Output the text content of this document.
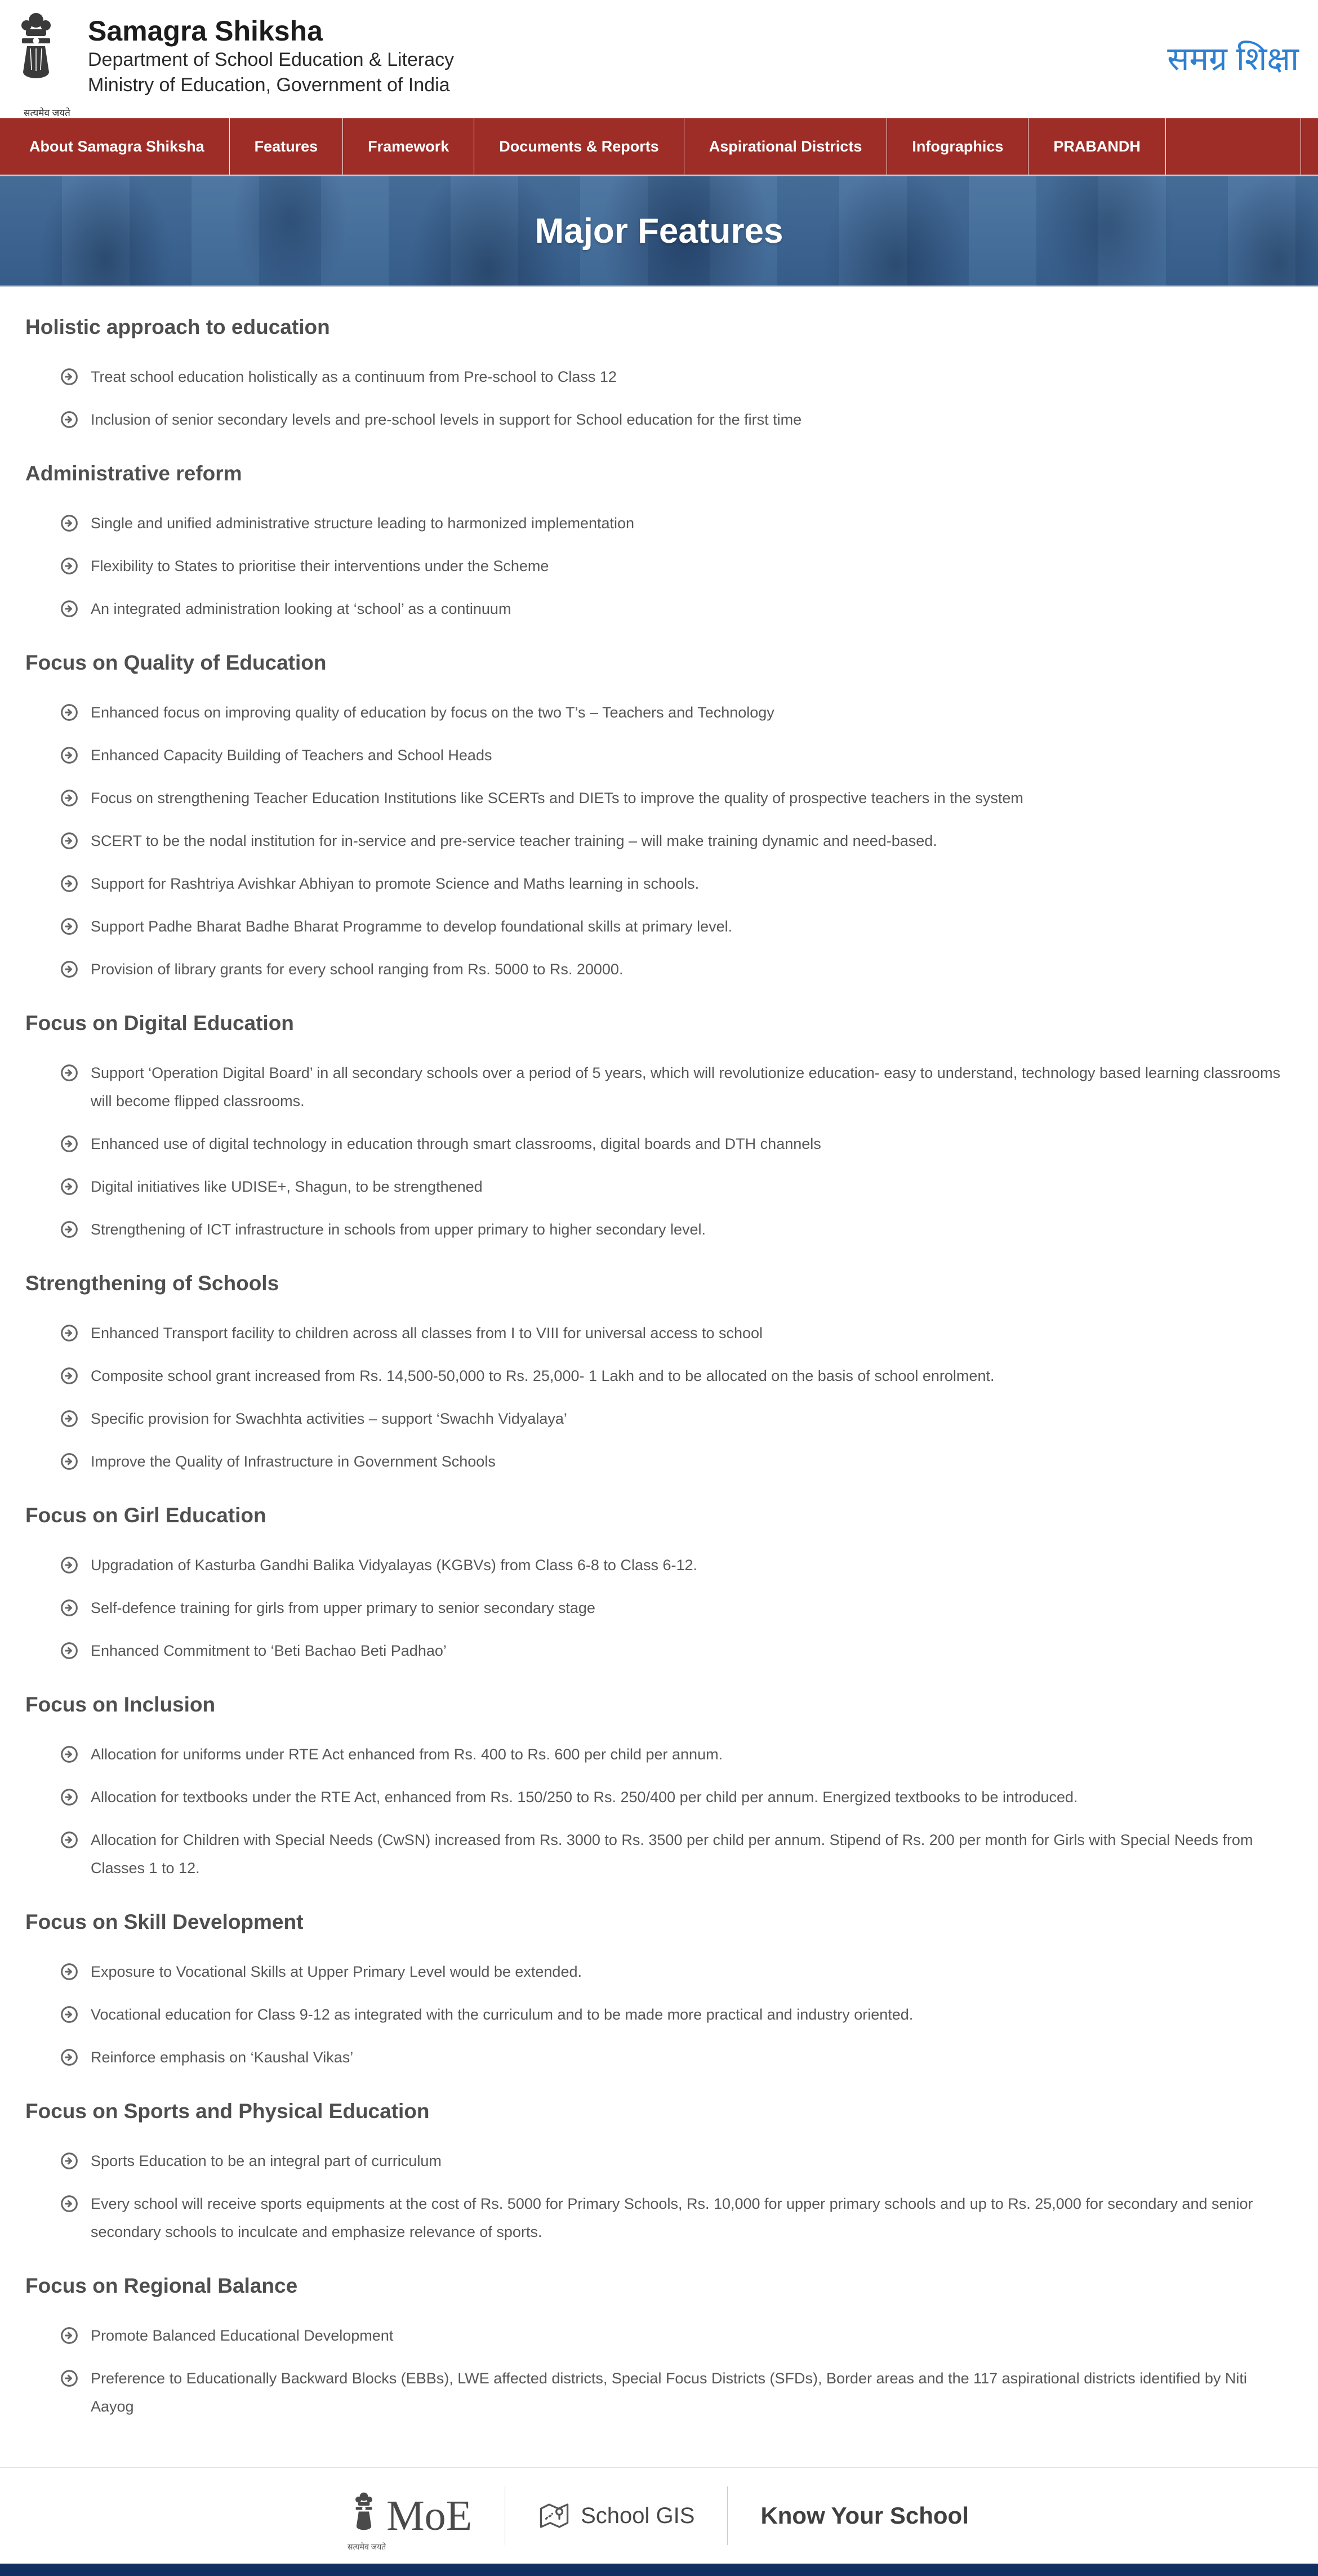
सत्यमेव जयते
Samagra Shiksha
Department of School Education & Literacy
Ministry of Education, Government of India
समग्र शिक्षा
About Samagra Shiksha	Features	Framework	Documents & Reports	Aspirational Districts	Infographics	PRABANDH
Major Features
Holistic approach to education
Treat school education holistically as a continuum from Pre-school to Class 12
Inclusion of senior secondary levels and pre-school levels in support for School education for the first time
Administrative reform
Single and unified administrative structure leading to harmonized implementation
Flexibility to States to prioritise their interventions under the Scheme
An integrated administration looking at ‘school’ as a continuum
Focus on Quality of Education
Enhanced focus on improving quality of education by focus on the two T’s – Teachers and Technology
Enhanced Capacity Building of Teachers and School Heads
Focus on strengthening Teacher Education Institutions like SCERTs and DIETs to improve the quality of prospective teachers in the system
SCERT to be the nodal institution for in-service and pre-service teacher training – will make training dynamic and need-based.
Support for Rashtriya Avishkar Abhiyan to promote Science and Maths learning in schools.
Support Padhe Bharat Badhe Bharat Programme to develop foundational skills at primary level.
Provision of library grants for every school ranging from Rs. 5000 to Rs. 20000.
Focus on Digital Education
Support ‘Operation Digital Board’ in all secondary schools over a period of 5 years, which will revolutionize education- easy to understand, technology based learning classrooms will become flipped classrooms.
Enhanced use of digital technology in education through smart classrooms, digital boards and DTH channels
Digital initiatives like UDISE+, Shagun, to be strengthened
Strengthening of ICT infrastructure in schools from upper primary to higher secondary level.
Strengthening of Schools
Enhanced Transport facility to children across all classes from I to VIII for universal access to school
Composite school grant increased from Rs. 14,500-50,000 to Rs. 25,000- 1 Lakh and to be allocated on the basis of school enrolment.
Specific provision for Swachhta activities – support ‘Swachh Vidyalaya’
Improve the Quality of Infrastructure in Government Schools
Focus on Girl Education
Upgradation of Kasturba Gandhi Balika Vidyalayas (KGBVs) from Class 6-8 to Class 6-12.
Self-defence training for girls from upper primary to senior secondary stage
Enhanced Commitment to ‘Beti Bachao Beti Padhao’
Focus on Inclusion
Allocation for uniforms under RTE Act enhanced from Rs. 400 to Rs. 600 per child per annum.
Allocation for textbooks under the RTE Act, enhanced from Rs. 150/250 to Rs. 250/400 per child per annum. Energized textbooks to be introduced.
Allocation for Children with Special Needs (CwSN) increased from Rs. 3000 to Rs. 3500 per child per annum. Stipend of Rs. 200 per month for Girls with Special Needs from Classes 1 to 12.
Focus on Skill Development
Exposure to Vocational Skills at Upper Primary Level would be extended.
Vocational education for Class 9-12 as integrated with the curriculum and to be made more practical and industry oriented.
Reinforce emphasis on ‘Kaushal Vikas’
Focus on Sports and Physical Education
Sports Education to be an integral part of curriculum
Every school will receive sports equipments at the cost of Rs. 5000 for Primary Schools, Rs. 10,000 for upper primary schools and up to Rs. 25,000 for secondary and senior secondary schools to inculcate and emphasize relevance of sports.
Focus on Regional Balance
Promote Balanced Educational Development
Preference to Educationally Backward Blocks (EBBs), LWE affected districts, Special Focus Districts (SFDs), Border areas and the 117 aspirational districts identified by Niti Aayog
सत्यमेव जयते
MoE	School GIS	Know Your School
